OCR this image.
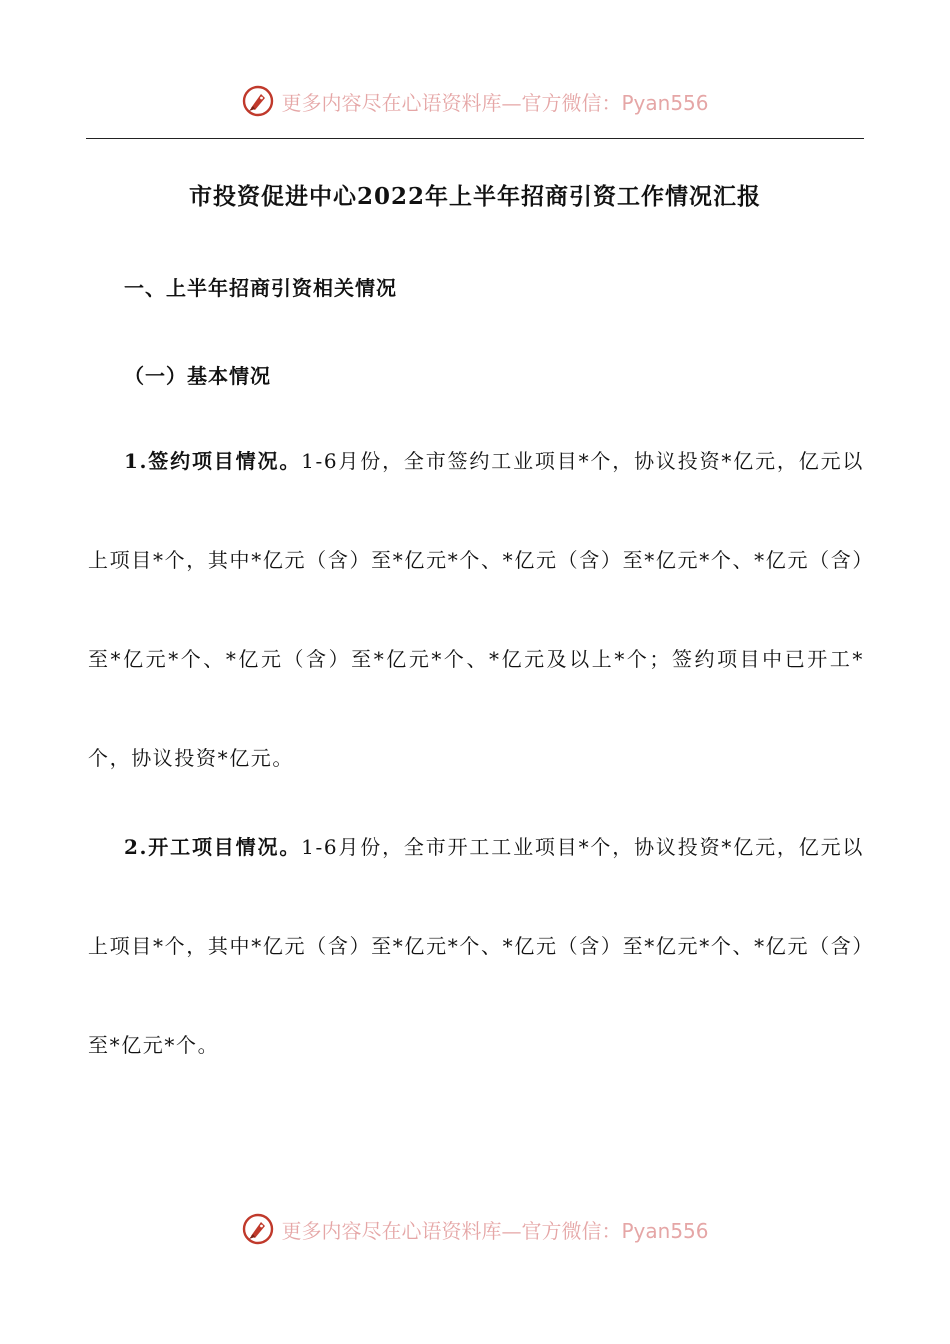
更多内容尽在心语资料库—官方微信：Pyan556
市投资促进中心2022年上半年招商引资工作情况汇报
一、上半年招商引资相关情况
（一）基本情况

1.签约项目情况。1-6月份，全市签约工业项目*个，协议投资*亿元，亿元以上项目*个，其中*亿元（含）至*亿元*个、*亿元（含）至*亿元*个、*亿元（含）至*亿元*个、*亿元（含）至*亿元*个、*亿元及以上*个；签约项目中已开工*个，协议投资*亿元。

2.开工项目情况。1-6月份，全市开工工业项目*个，协议投资*亿元，亿元以上项目*个，其中*亿元（含）至*亿元*个、*亿元（含）至*亿元*个、*亿元（含）至*亿元*个。

更多内容尽在心语资料库—官方微信：Pyan556
